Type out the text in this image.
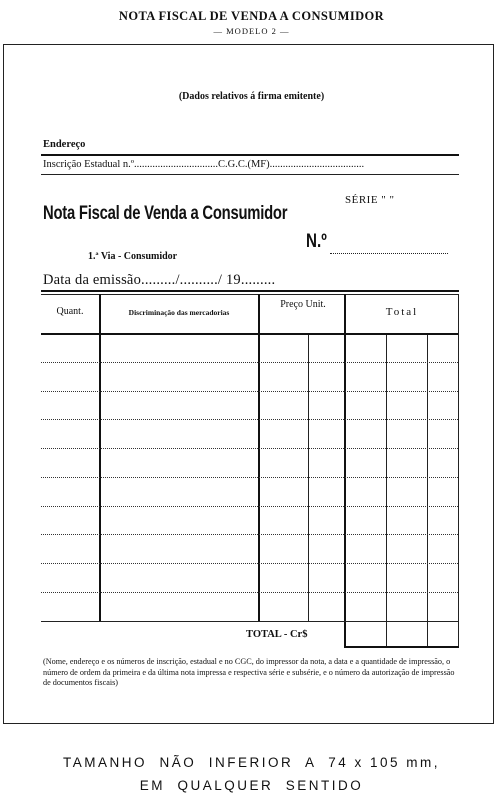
NOTA FISCAL DE VENDA A CONSUMIDOR
— MODELO 2 —
(Dados relativos á firma emitente)
Endereço
Inscrição Estadual n.º................................C.G.C.(MF)....................................
SÉRIE " "
Nota Fiscal de Venda a Consumidor
N.º
1.ª Via - Consumidor
Data da emissão........./........../ 19.........
Quant.	Discriminação das mercadorias
Preço Unit.
Total
TOTAL - Cr$
(Nome, endereço e os números de inscrição, estadual e no CGC, do impressor da nota, a data e a quantidade de impressão, o número de ordem da primeira e da última nota impressa e respectiva série e subsérie, e o número da autorização de impressão de documentos fiscais)
TAMANHO  NÃO  INFERIOR  A  74 x 105 mm,
EM  QUALQUER  SENTIDO
